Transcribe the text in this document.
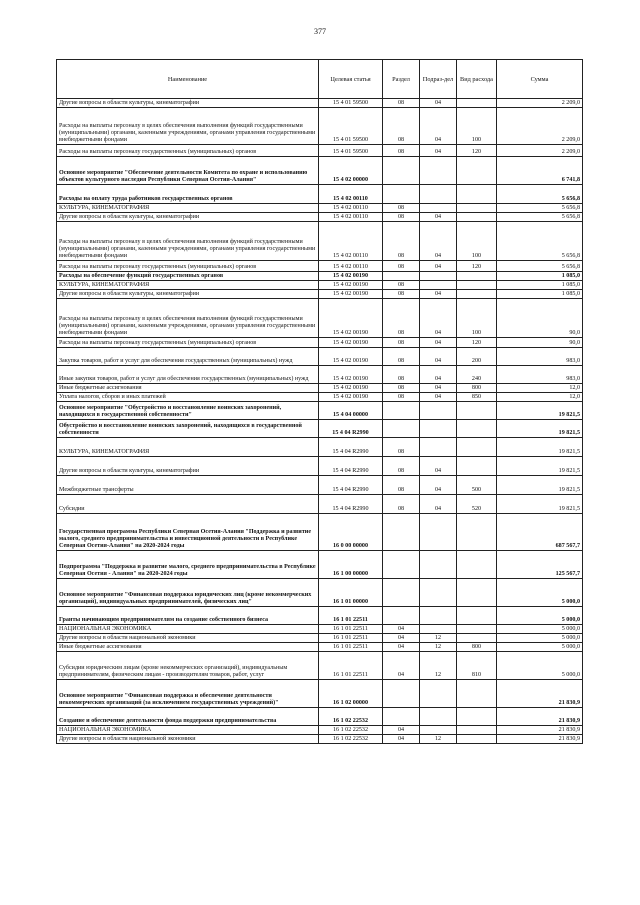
377
Наименование	Целевая статья	Раздел	Подраз-дел	Вид расхода	Сумма
Другие вопросы в области культуры, кинематографии	15 4 01 59500	08	04		2 209,0
Расходы на выплаты персоналу в целях обеспечения выполнения функций государственными (муниципальными) органами, казенными учреждениями, органами управления государственными внебюджетными фондами	15 4 01 59500	08	04	100	2 209,0
Расходы на выплаты персоналу государственных (муниципальных) органов	15 4 01 59500	08	04	120	2 209,0
Основное мероприятие "Обеспечение деятельности Комитета по охране и использованию объектов культурного наследия Республики Северная Осетия-Алания"	15 4 02 00000				6 741,8
Расходы на оплату труда работников государственных органов	15 4 02 00110				5 656,8
КУЛЬТУРА, КИНЕМАТОГРАФИЯ	15 4 02 00110	08			5 656,8
Другие вопросы в области культуры, кинематографии	15 4 02 00110	08	04		5 656,8
Расходы на выплаты персоналу в целях обеспечения выполнения функций государственными (муниципальными) органами, казенными учреждениями, органами управления государственными внебюджетными фондами	15 4 02 00110	08	04	100	5 656,8
Расходы на выплаты персоналу государственных (муниципальных) органов	15 4 02 00110	08	04	120	5 656,8
Расходы на обеспечение функций государственных органов	15 4 02 00190				1 085,0
КУЛЬТУРА, КИНЕМАТОГРАФИЯ	15 4 02 00190	08			1 085,0
Другие вопросы в области культуры, кинематографии	15 4 02 00190	08	04		1 085,0
Расходы на выплаты персоналу в целях обеспечения выполнения функций государственными (муниципальными) органами, казенными учреждениями, органами управления государственными внебюджетными фондами	15 4 02 00190	08	04	100	90,0
Расходы на выплаты персоналу государственных (муниципальных) органов	15 4 02 00190	08	04	120	90,0
Закупка товаров, работ и услуг для обеспечения государственных (муниципальных) нужд	15 4 02 00190	08	04	200	983,0
Иные закупки товаров, работ и услуг для обеспечения государственных (муниципальных) нужд	15 4 02 00190	08	04	240	983,0
Иные бюджетные ассигнования	15 4 02 00190	08	04	800	12,0
Уплата налогов, сборов и иных платежей	15 4 02 00190	08	04	850	12,0
Основное мероприятие "Обустройство и восстановление воинских захоронений, находящихся в государственной собственности"	15 4 04 00000				19 821,5
Обустройство и восстановление воинских захоронений, находящихся в государственной собственности	15 4 04 R2990				19 821,5
КУЛЬТУРА, КИНЕМАТОГРАФИЯ	15 4 04 R2990	08			19 821,5
Другие вопросы в области культуры, кинематографии	15 4 04 R2990	08	04		19 821,5
Межбюджетные трансферты	15 4 04 R2990	08	04	500	19 821,5
Субсидии	15 4 04 R2990	08	04	520	19 821,5
Государственная программа Республики Северная Осетия-Алания "Поддержка и развитие малого, среднего предпринимательства и инвестиционной деятельности в Республике Северная Осетия-Алания" на 2020-2024 годы	16 0 00 00000				687 567,7
Подпрограмма "Поддержка и развитие малого, среднего предпринимательства в Республике Северная Осетия - Алания" на 2020-2024 годы	16 1 00 00000				125 567,7
Основное мероприятие "Финансовая поддержка юридических лиц (кроме некоммерческих организаций), индивидуальных предпринимателей, физических лиц"	16 1 01 00000				5 000,0
Гранты начинающим предпринимателям на создание собственного бизнеса	16 1 01 22511				5 000,0
НАЦИОНАЛЬНАЯ ЭКОНОМИКА	16 1 01 22511	04			5 000,0
Другие вопросы в области национальной экономики	16 1 01 22511	04	12		5 000,0
Иные бюджетные ассигнования	16 1 01 22511	04	12	800	5 000,0
Субсидии юридическим лицам (кроме некоммерческих организаций), индивидуальным предпринимателям, физическим лицам - производителям товаров, работ, услуг	16 1 01 22511	04	12	810	5 000,0
Основное мероприятие "Финансовая поддержка и обеспечение деятельности некоммерческих организаций (за исключением государственных учреждений)"	16 1 02 00000				21 830,9
Создание и обеспечение деятельности фонда поддержки предпринимательства	16 1 02 22532				21 830,9
НАЦИОНАЛЬНАЯ ЭКОНОМИКА	16 1 02 22532	04			21 830,9
Другие вопросы в области национальной экономики	16 1 02 22532	04	12		21 830,9
